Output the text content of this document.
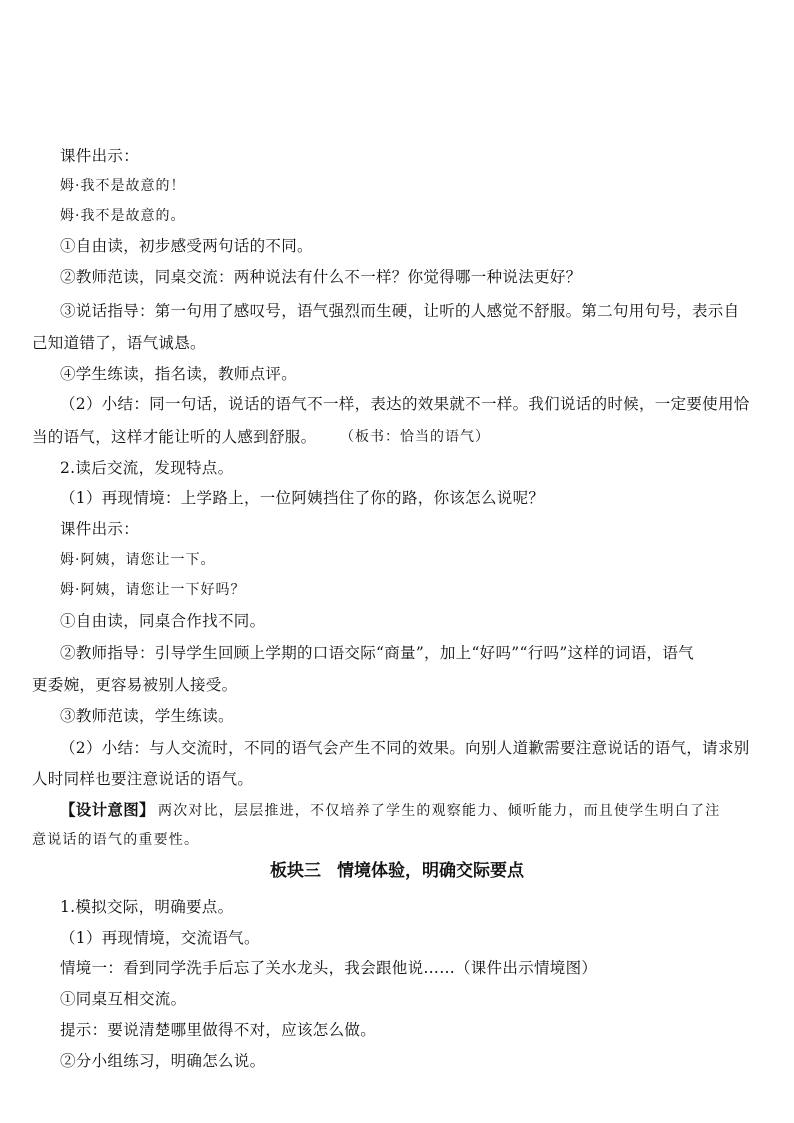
课件出示：
姆·我不是故意的！
姆·我不是故意的。
①自由读，初步感受两句话的不同。
②教师范读，同桌交流：两种说法有什么不一样？你觉得哪一种说法更好？
③说话指导：第一句用了感叹号，语气强烈而生硬，让听的人感觉不舒服。第二句用句号，表示自
己知道错了，语气诚恳。
④学生练读，指名读，教师点评。
（2）小结：同一句话，说话的语气不一样，表达的效果就不一样。我们说话的时候，一定要使用恰
当的语气，这样才能让听的人感到舒服。 （板书：恰当的语气）
2.读后交流，发现特点。
（1）再现情境：上学路上，一位阿姨挡住了你的路，你该怎么说呢？
课件出示：
姆·阿姨，请您让一下。
姆·阿姨，请您让一下好吗？
①自由读，同桌合作找不同。
②教师指导：引导学生回顾上学期的口语交际“商量”，加上“好吗”“行吗”这样的词语，语气
更委婉，更容易被别人接受。
③教师范读，学生练读。
（2）小结：与人交流时，不同的语气会产生不同的效果。向别人道歉需要注意说话的语气，请求别
人时同样也要注意说话的语气。
【设计意图】 两次对比，层层推进，不仅培养了学生的观察能力、倾听能力，而且使学生明白了注
意说话的语气的重要性。
板块三 情境体验，明确交际要点
1.模拟交际，明确要点。
（1）再现情境，交流语气。
情境一：看到同学洗手后忘了关水龙头，我会跟他说……（课件出示情境图）
①同桌互相交流。
提示：要说清楚哪里做得不对，应该怎么做。
②分小组练习，明确怎么说。
